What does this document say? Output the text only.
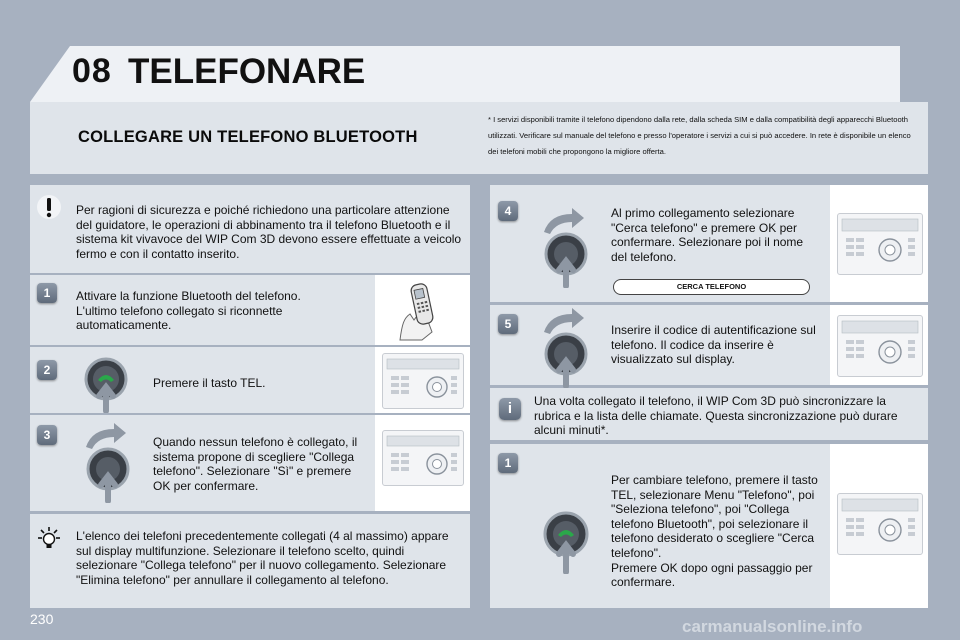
08 TELEFONARE
COLLEGARE UN TELEFONO BLUETOOTH
* I servizi disponibili tramite il telefono dipendono dalla rete, dalla scheda SIM e dalla compatibilità degli apparecchi Bluetooth utilizzati. Verificare sul manuale del telefono e presso l'operatore i servizi a cui si può accedere. In rete è disponibile un elenco dei telefoni mobili che propongono la migliore offerta.
Per ragioni di sicurezza e poiché richiedono una particolare attenzione del guidatore, le operazioni di abbinamento tra il telefono Bluetooth e il sistema kit vivavoce del WIP Com 3D devono essere effettuate a veicolo fermo e con il contatto inserito.
1	Attivare la funzione Bluetooth del telefono.
L'ultimo telefono collegato si riconnette automaticamente.
2
Premere il tasto TEL.
3	Quando nessun telefono è collegato, il sistema propone di scegliere "Collega telefono". Selezionare "Sì" e premere OK per confermare.
L'elenco dei telefoni precedentemente collegati (4 al massimo) appare sul display multifunzione. Selezionare il telefono scelto, quindi selezionare "Collega telefono" per il nuovo collegamento. Selezionare "Elimina telefono" per annullare il collegamento al telefono.
4	Al primo collegamento selezionare "Cerca telefono" e premere OK per confermare. Selezionare poi il nome del telefono.
CERCA TELEFONO
5	Inserire il codice di autentificazione sul telefono. Il codice da inserire è visualizzato sul display.
i	Una volta collegato il telefono, il WIP Com 3D può sincronizzare la rubrica e la lista delle chiamate. Questa sincronizzazione può durare alcuni minuti*.
1
Per cambiare telefono, premere il tasto TEL, selezionare Menu "Telefono", poi "Seleziona telefono", poi "Collega telefono Bluetooth", poi selezionare il telefono desiderato o scegliere "Cerca telefono".
Premere OK dopo ogni passaggio per confermare.
230	carmanualsonline.info
